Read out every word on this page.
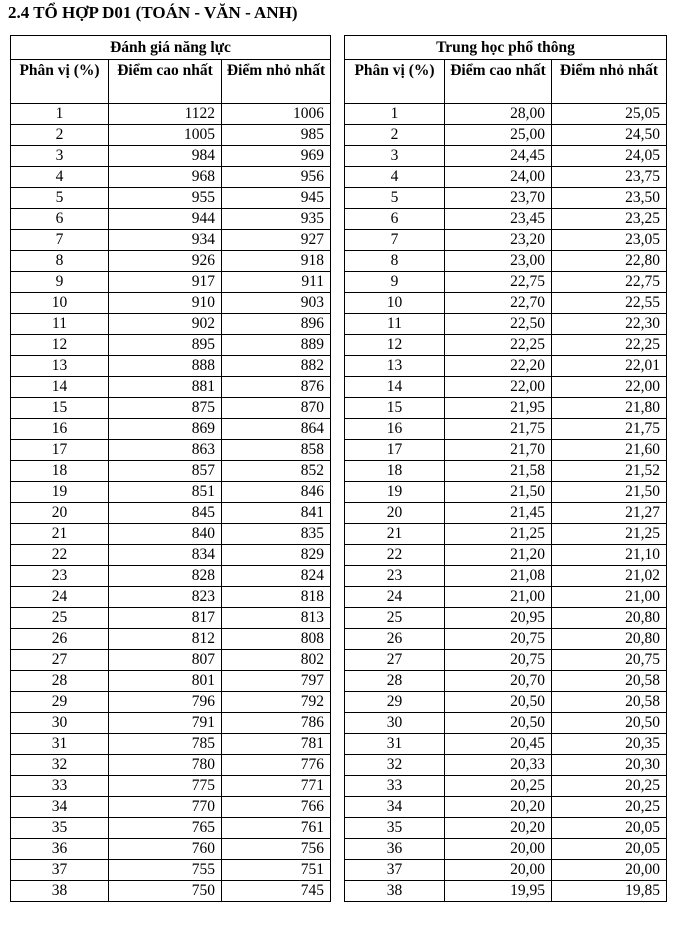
2.4 TỔ HỢP D01 (TOÁN - VĂN - ANH)
Đánh giá năng lực		
Phân vị (%)	Điểm cao nhất	Điểm nhỏ nhất
1	1122	1006
2	1005	985
3	984	969
4	968	956
5	955	945
6	944	935
7	934	927
8	926	918
9	917	911
10	910	903
11	902	896
12	895	889
13	888	882
14	881	876
15	875	870
16	869	864
17	863	858
18	857	852
19	851	846
20	845	841
21	840	835
22	834	829
23	828	824
24	823	818
25	817	813
26	812	808
27	807	802
28	801	797
29	796	792
30	791	786
31	785	781
32	780	776
33	775	771
34	770	766
35	765	761
36	760	756
37	755	751
38	750	745
Trung học phổ thông		
Phân vị (%)	Điểm cao nhất	Điểm nhỏ nhất
1	28,00	25,05
2	25,00	24,50
3	24,45	24,05
4	24,00	23,75
5	23,70	23,50
6	23,45	23,25
7	23,20	23,05
8	23,00	22,80
9	22,75	22,75
10	22,70	22,55
11	22,50	22,30
12	22,25	22,25
13	22,20	22,01
14	22,00	22,00
15	21,95	21,80
16	21,75	21,75
17	21,70	21,60
18	21,58	21,52
19	21,50	21,50
20	21,45	21,27
21	21,25	21,25
22	21,20	21,10
23	21,08	21,02
24	21,00	21,00
25	20,95	20,80
26	20,75	20,80
27	20,75	20,75
28	20,70	20,58
29	20,50	20,58
30	20,50	20,50
31	20,45	20,35
32	20,33	20,30
33	20,25	20,25
34	20,20	20,25
35	20,20	20,05
36	20,00	20,05
37	20,00	20,00
38	19,95	19,85
